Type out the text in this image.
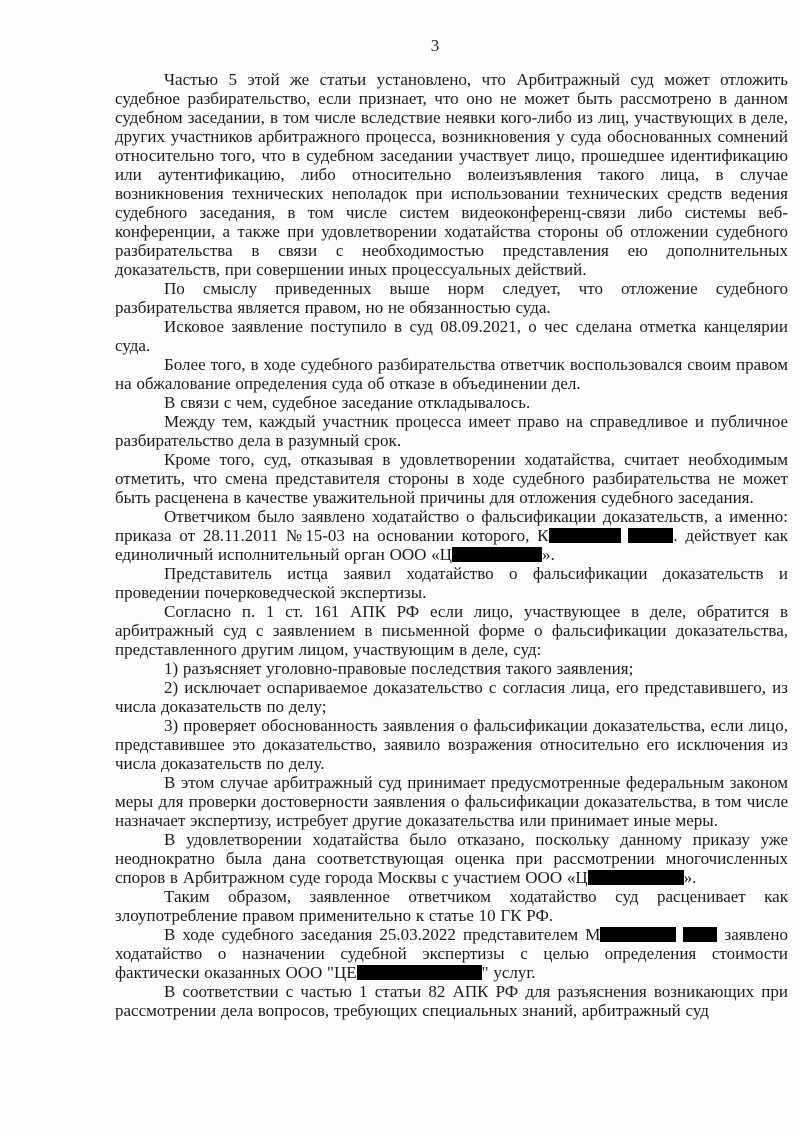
3

Частью 5 этой же статьи установлено, что Арбитражный суд может отложить судебное разбирательство, если признает, что оно не может быть рассмотрено в данном судебном заседании, в том числе вследствие неявки кого-либо из лиц, участвующих в деле, других участников арбитражного процесса, возникновения у суда обоснованных сомнений относительно того, что в судебном заседании участвует лицо, прошедшее идентификацию или аутентификацию, либо относительно волеизъявления такого лица, в случае возникновения технических неполадок при использовании технических средств ведения судебного заседания, в том числе систем видеоконференц-связи либо системы веб-конференции, а также при удовлетворении ходатайства стороны об отложении судебного разбирательства в связи с необходимостью представления ею дополнительных доказательств, при совершении иных процессуальных действий.

По смыслу приведенных выше норм следует, что отложение судебного разбирательства является правом, но не обязанностью суда.

Исковое заявление поступило в суд 08.09.2021, о чес сделана отметка канцелярии суда.

Более того, в ходе судебного разбирательства ответчик воспользовался своим правом на обжалование определения суда об отказе в объединении дел.

В связи с чем, судебное заседание откладывалось.

Между тем, каждый участник процесса имеет право на справедливое и публичное разбирательство дела в разумный срок.

Кроме того, суд, отказывая в удовлетворении ходатайства, считает необходимым отметить, что смена представителя стороны в ходе судебного разбирательства не может быть расценена в качестве уважительной причины для отложения судебного заседания.

Ответчиком было заявлено ходатайство о фальсификации доказательств, а именно: приказа от 28.11.2011 №15-03 на основании которого, К	. действует как единоличный исполнительный орган ООО «Ц	».

Представитель истца заявил ходатайство о фальсификации доказательств и проведении почерковедческой экспертизы.

Согласно п. 1 ст. 161 АПК РФ если лицо, участвующее в деле, обратится в арбитражный суд с заявлением в письменной форме о фальсификации доказательства, представленного другим лицом, участвующим в деле, суд:

1) разъясняет уголовно-правовые последствия такого заявления;

2) исключает оспариваемое доказательство с согласия лица, его представившего, из числа доказательств по делу;

3) проверяет обоснованность заявления о фальсификации доказательства, если лицо, представившее это доказательство, заявило возражения относительно его исключения из числа доказательств по делу.

В этом случае арбитражный суд принимает предусмотренные федеральным законом меры для проверки достоверности заявления о фальсификации доказательства, в том числе назначает экспертизу, истребует другие доказательства или принимает иные меры.

В удовлетворении ходатайства было отказано, поскольку данному приказу уже неоднократно была дана соответствующая оценка при рассмотрении многочисленных споров в Арбитражном суде города Москвы с участием ООО «Ц	».

Таким образом, заявленное ответчиком ходатайство суд расценивает как злоупотребление правом применительно к статье 10 ГК РФ.

В ходе судебного заседания 25.03.2022 представителем М	заявлено ходатайство о назначении судебной экспертизы с целью определения стоимости фактически оказанных ООО "ЦЕ	" услуг.

В соответствии с частью 1 статьи 82 АПК РФ для разъяснения возникающих при рассмотрении дела вопросов, требующих специальных знаний, арбитражный суд
